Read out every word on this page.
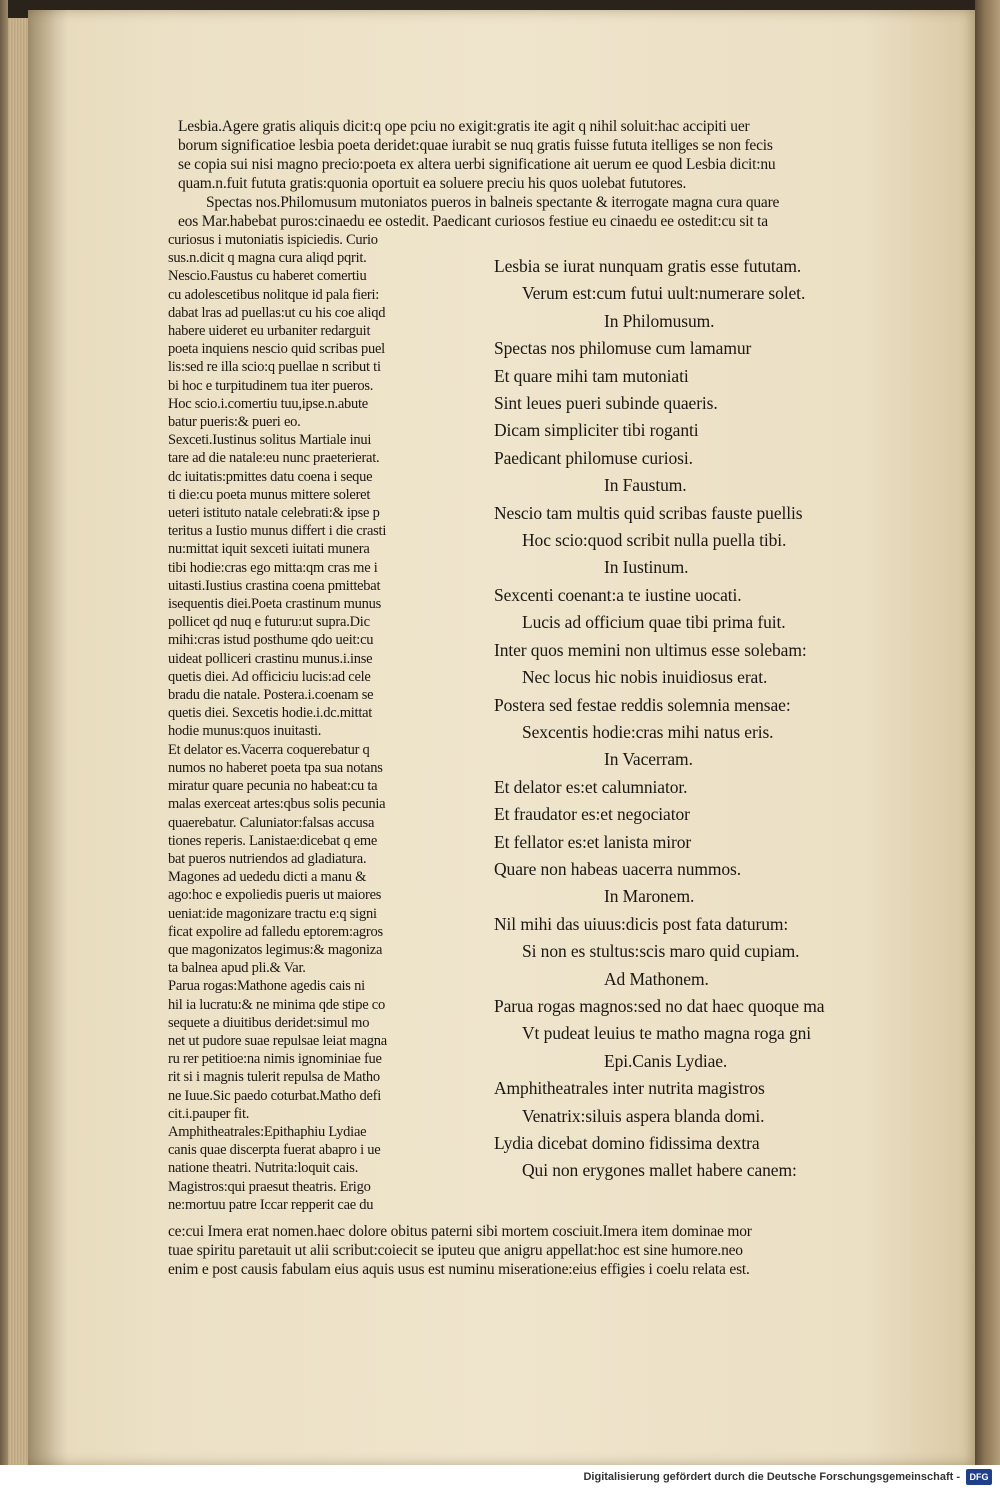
Lesbia.Agere gratis aliquis dicit:q ope pciu no exigit:gratis ite agit q nihil soluit:hac accipiti uer
borum significatioe lesbia poeta deridet:quae iurabit se nuq gratis fuisse fututa itelliges se non fecis
se copia sui nisi magno precio:poeta ex altera uerbi significatione ait uerum ee quod Lesbia dicit:nu
quam.n.fuit fututa gratis:quonia oportuit ea soluere preciu his quos uolebat fututores.
Spectas nos.Philomusum mutoniatos pueros in balneis spectante & iterrogate magna cura quare
eos Mar.habebat puros:cinaedu ee ostedit. Paedicant curiosos festiue eu cinaedu ee ostedit:cu sit ta
curiosus i mutoniatis ispiciedis. Curio
sus.n.dicit q magna cura aliqd pqrit.
Nescio.Faustus cu haberet comertiu
cu adolescetibus nolitque id pala fieri:
dabat lras ad puellas:ut cu his coe aliqd
habere uideret eu urbaniter redarguit
poeta inquiens nescio quid scribas puel
lis:sed re illa scio:q puellae n scribut ti
bi hoc e turpitudinem tua iter pueros.
Hoc scio.i.comertiu tuu,ipse.n.abute
batur pueris:& pueri eo.
Sexceti.Iustinus solitus Martiale inui
tare ad die natale:eu nunc praeterierat.
dc iuitatis:pmittes datu coena i seque
ti die:cu poeta munus mittere soleret
ueteri istituto natale celebrati:& ipse p
teritus a Iustio munus differt i die crasti
nu:mittat iquit sexceti iuitati munera
tibi hodie:cras ego mitta:qm cras me i
uitasti.Iustius crastina coena pmittebat
isequentis diei.Poeta crastinum munus
pollicet qd nuq e futuru:ut supra.Dic
mihi:cras istud posthume qdo ueit:cu
uideat polliceri crastinu munus.i.inse
quetis diei. Ad officiciu lucis:ad cele
bradu die natale. Postera.i.coenam se
quetis diei. Sexcetis hodie.i.dc.mittat
hodie munus:quos inuitasti.
Et delator es.Vacerra coquerebatur q
numos no haberet poeta tpa sua notans
miratur quare pecunia no habeat:cu ta
malas exerceat artes:qbus solis pecunia
quaerebatur. Caluniator:falsas accusa
tiones reperis. Lanistae:dicebat q eme
bat pueros nutriendos ad gladiatura.
Magones ad uededu dicti a manu &
ago:hoc e expoliedis pueris ut maiores
ueniat:ide magonizare tractu e:q signi
ficat expolire ad falledu eptorem:agros
que magonizatos legimus:& magoniza
ta balnea apud pli.& Var.
Parua rogas:Mathone agedis cais ni
hil ia lucratu:& ne minima qde stipe co
sequete a diuitibus deridet:simul mo
net ut pudore suae repulsae leiat magna
ru rer petitioe:na nimis ignominiae fue
rit si i magnis tulerit repulsa de Matho
ne Iuue.Sic paedo coturbat.Matho defi
cit.i.pauper fit.
Amphitheatrales:Epithaphiu Lydiae
canis quae discerpta fuerat abapro i ue
natione theatri. Nutrita:loquit cais.
Magistros:qui praesut theatris. Erigo
ne:mortuu patre Iccar repperit cae du
Lesbia se iurat nunquam gratis esse fututam.
Verum est:cum futui uult:numerare solet.
In Philomusum.
Spectas nos philomuse cum lamamur
Et quare mihi tam mutoniati
Sint leues pueri subinde quaeris.
Dicam simpliciter tibi roganti
Paedicant philomuse curiosi.
In Faustum.
Nescio tam multis quid scribas fauste puellis
Hoc scio:quod scribit nulla puella tibi.
In Iustinum.
Sexcenti coenant:a te iustine uocati.
Lucis ad officium quae tibi prima fuit.
Inter quos memini non ultimus esse solebam:
Nec locus hic nobis inuidiosus erat.
Postera sed festae reddis solemnia mensae:
Sexcentis hodie:cras mihi natus eris.
In Vacerram.
Et delator es:et calumniator.
Et fraudator es:et negociator
Et fellator es:et lanista miror
Quare non habeas uacerra nummos.
In Maronem.
Nil mihi das uiuus:dicis post fata daturum:
Si non es stultus:scis maro quid cupiam.
Ad Mathonem.
Parua rogas magnos:sed no dat haec quoque ma
Vt pudeat leuius te matho magna roga gni
Epi.Canis Lydiae.
Amphitheatrales inter nutrita magistros
Venatrix:siluis aspera blanda domi.
Lydia dicebat domino fidissima dextra
Qui non erygones mallet habere canem:
ce:cui Imera erat nomen.haec dolore obitus paterni sibi mortem cosciuit.Imera item dominae mor
tuae spiritu paretauit ut alii scribut:coiecit se iputeu que anigru appellat:hoc est sine humore.neo
enim e post causis fabulam eius aquis usus est numinu miseratione:eius effigies i coelu relata est.
Digitalisierung gefördert durch die Deutsche Forschungsgemeinschaft -	DFG
